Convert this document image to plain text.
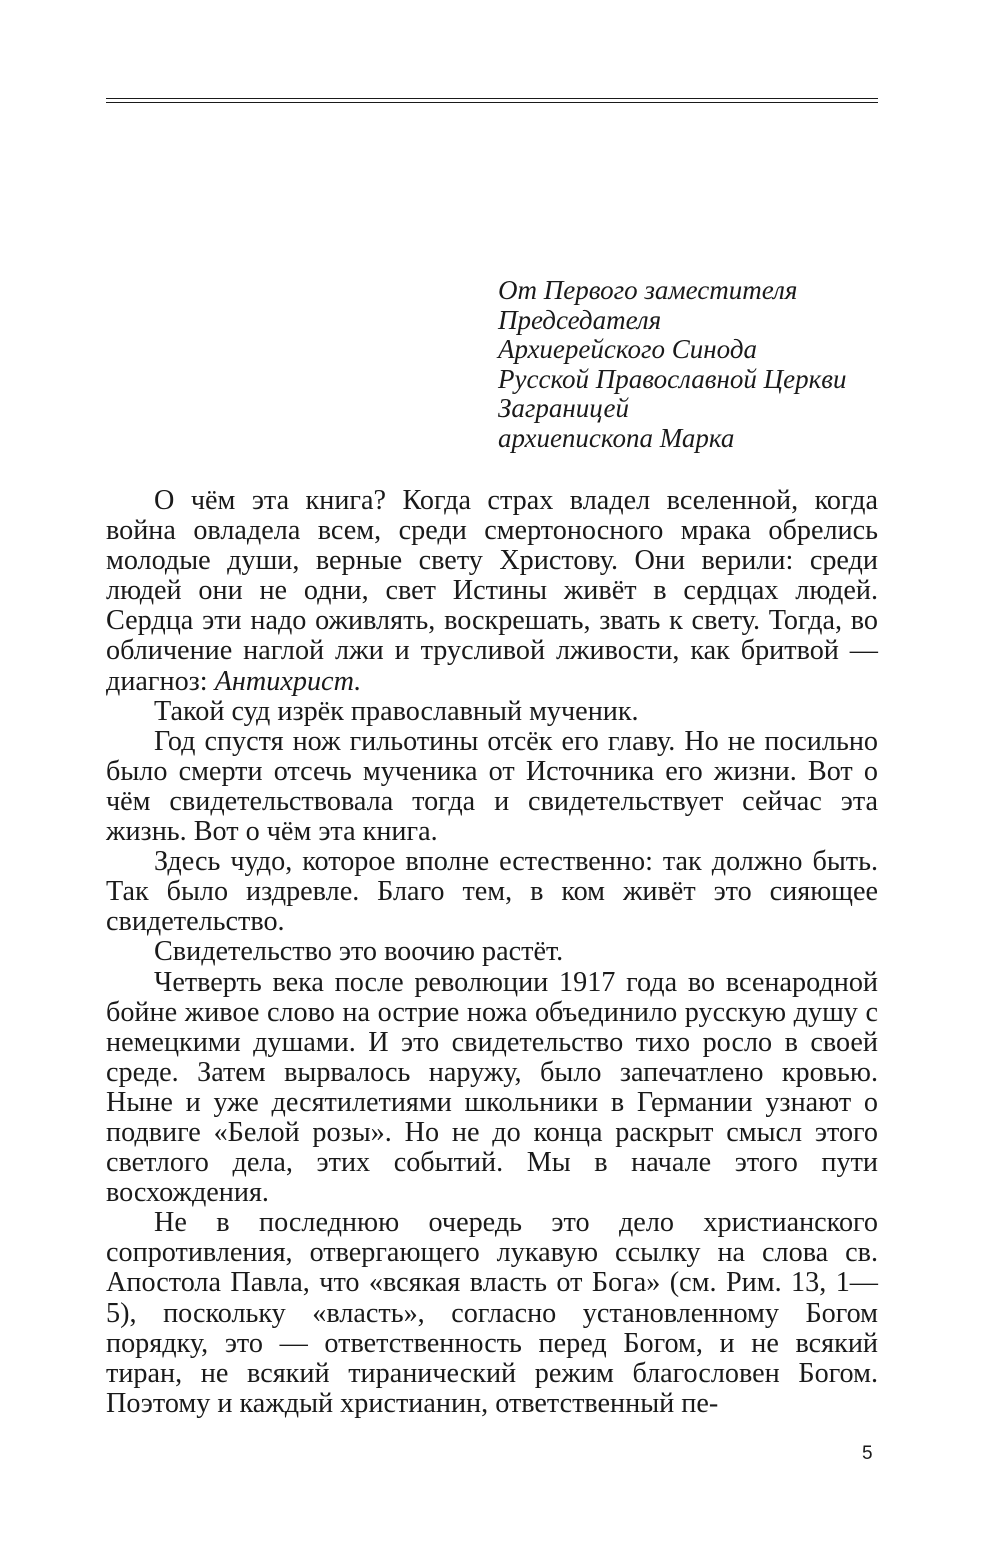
От Первого заместителя
Председателя
Архиерейского Синода
Русской Православной Церкви
Заграницей
архиепископа Марка

О чём эта книга? Когда страх владел вселенной, когда война овладела всем, среди смертоносного мрака обрелись молодые души, верные свету Христову. Они верили: среди людей они не одни, свет Истины живёт в сердцах людей. Сердца эти надо оживлять, воскрешать, звать к свету. Тогда, во обличение наглой лжи и трусливой лживости, как бритвой — диагноз: Антихрист.

Такой суд изрёк православный мученик.

Год спустя нож гильотины отсёк его главу. Но не посильно было смерти отсечь мученика от Источника его жизни. Вот о чём свидетельствовала тогда и свидетельствует сейчас эта жизнь. Вот о чём эта книга.

Здесь чудо, которое вполне естественно: так должно быть. Так было издревле. Благо тем, в ком живёт это сияющее свидетельство.

Свидетельство это воочию растёт.

Четверть века после революции 1917 года во всенародной бойне живое слово на острие ножа объединило русскую душу с немецкими душами. И это свидетельство тихо росло в своей среде. Затем вырвалось наружу, было запечатлено кровью. Ныне и уже десятилетиями школьники в Германии узнают о подвиге «Белой розы». Но не до конца раскрыт смысл этого светлого дела, этих событий. Мы в начале этого пути восхождения.

Не в последнюю очередь это дело христианского сопротивления, отвергающего лукавую ссылку на слова св. Апостола Павла, что «всякая власть от Бога» (см. Рим. 13, 1—5), поскольку «власть», согласно установленному Богом порядку, это — ответственность перед Богом, и не всякий тиран, не всякий тиранический режим благословен Богом. Поэтому и каждый христианин, ответственный пе-

5
